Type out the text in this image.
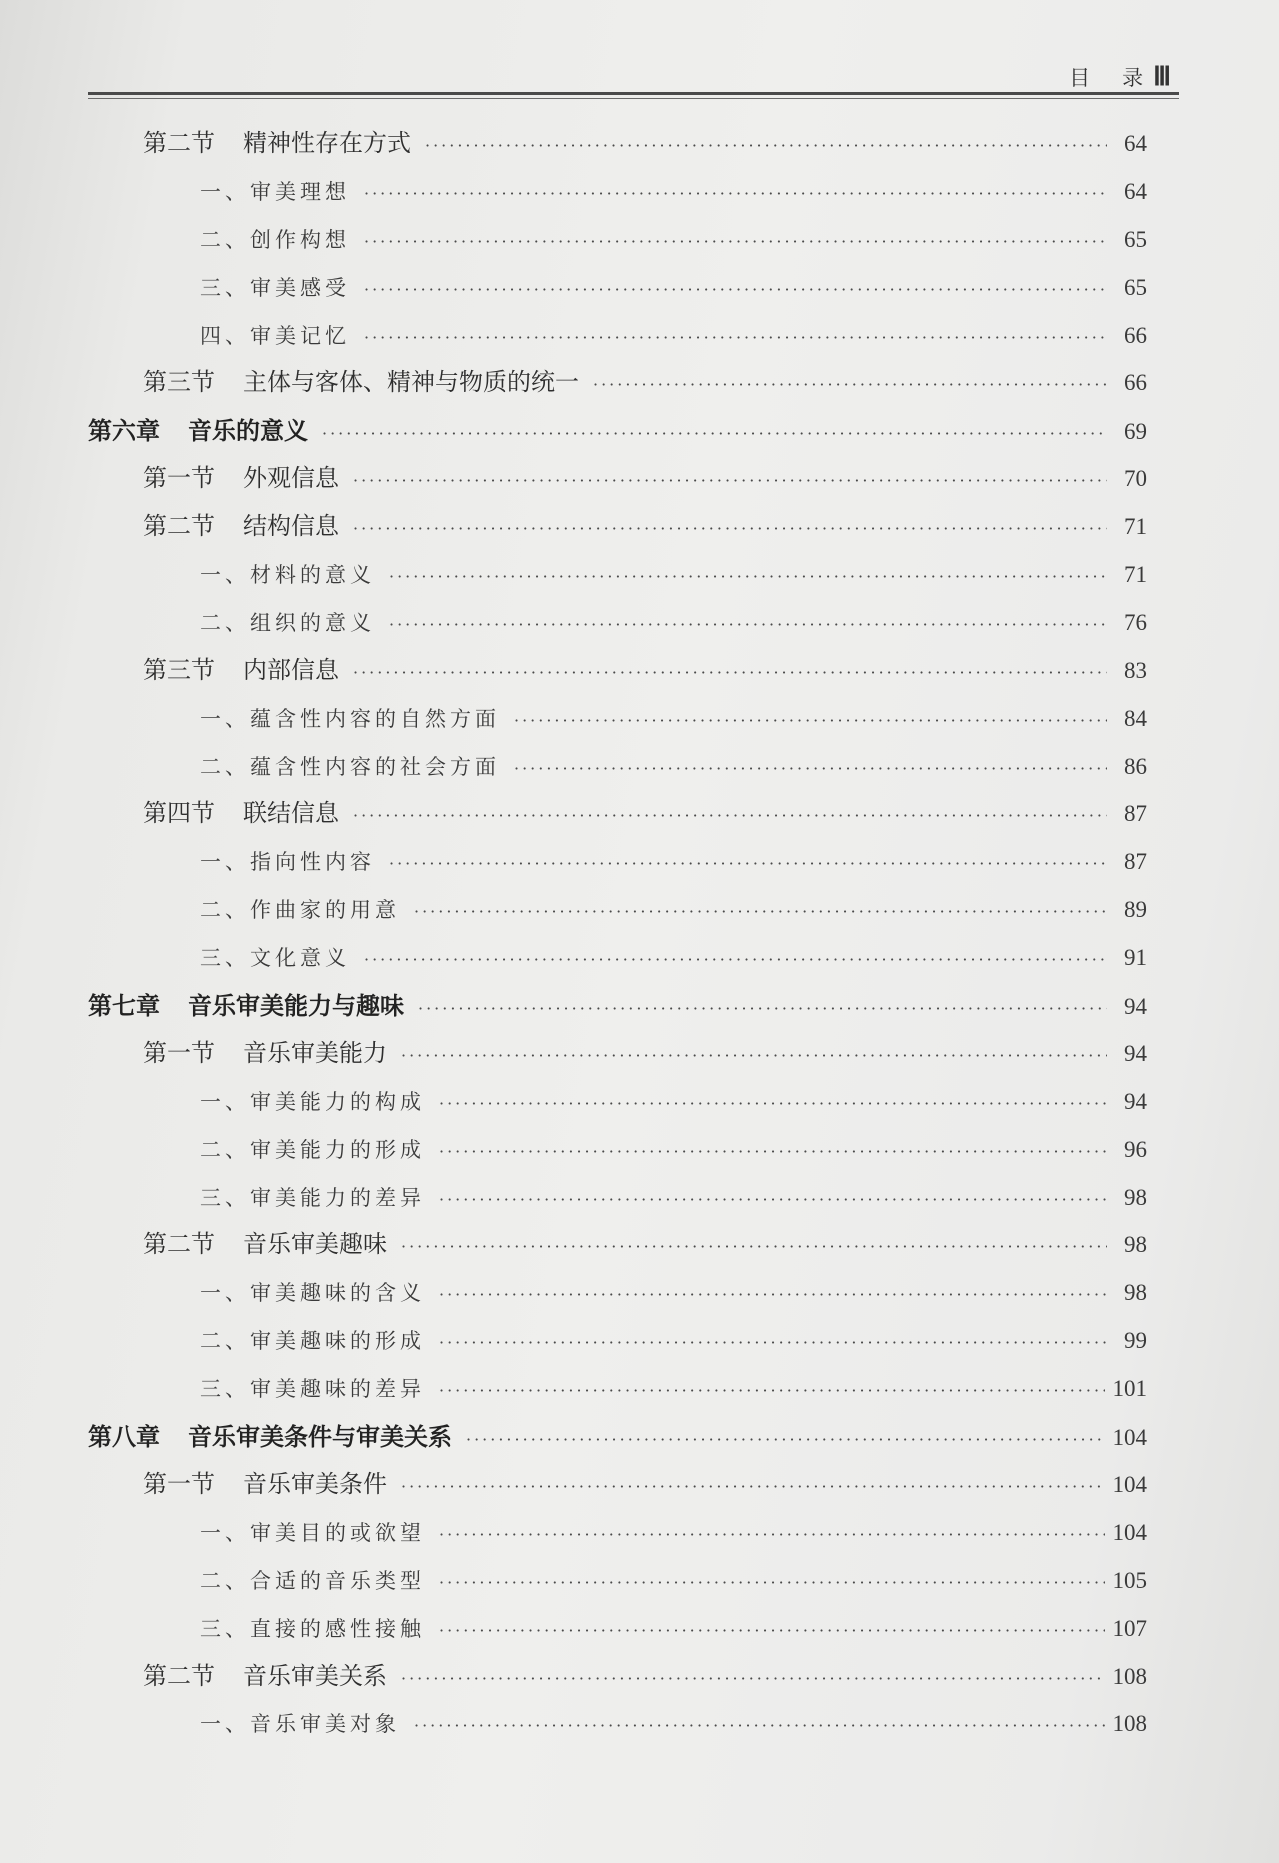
目 录 Ⅲ
第二节 精神性存在方式 ·····	64
一、审美理想 ·····	64
二、创作构想 ·····	65
三、审美感受 ·····	65
四、审美记忆 ·····	66
第三节 主体与客体、精神与物质的统一 ·····	66
第六章 音乐的意义 ·····	69
第一节 外观信息 ·····	70
第二节 结构信息 ·····	71
一、材料的意义 ·····	71
二、组织的意义 ·····	76
第三节 内部信息 ·····	83
一、蕴含性内容的自然方面 ·····	84
二、蕴含性内容的社会方面 ·····	86
第四节 联结信息 ·····	87
一、指向性内容 ·····	87
二、作曲家的用意 ·····	89
三、文化意义 ·····	91
第七章 音乐审美能力与趣味 ·····	94
第一节 音乐审美能力 ·····	94
一、审美能力的构成 ·····	94
二、审美能力的形成 ·····	96
三、审美能力的差异 ·····	98
第二节 音乐审美趣味 ·····	98
一、审美趣味的含义 ·····	98
二、审美趣味的形成 ·····	99
三、审美趣味的差异 ·····	101
第八章 音乐审美条件与审美关系 ·····	104
第一节 音乐审美条件 ·····	104
一、审美目的或欲望 ·····	104
二、合适的音乐类型 ·····	105
三、直接的感性接触 ·····	107
第二节 音乐审美关系 ·····	108
一、音乐审美对象 ·····	108
